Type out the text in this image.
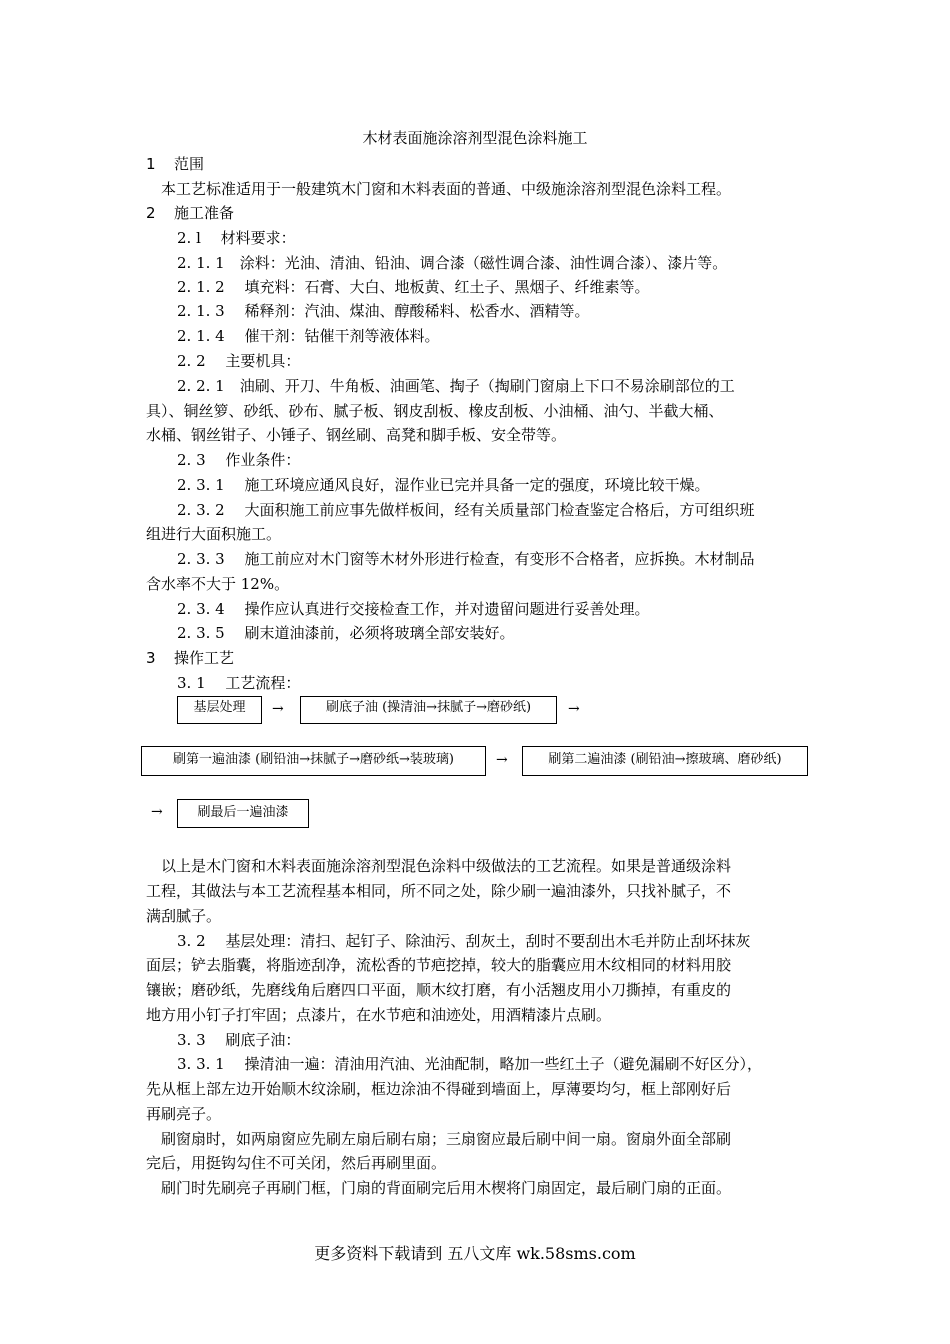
木材表面施涂溶剂型混色涂料施工
1 范围
本工艺标准适用于一般建筑木门窗和木料表面的普通、中级施涂溶剂型混色涂料工程。
2 施工准备
2. l　 材料要求：
2. 1. 1　涂料：光油、清油、铅油、调合漆（磁性调合漆、油性调合漆）、漆片等。
2. 1. 2　 填充料：石膏、大白、地板黄、红土子、黑烟子、纤维素等。
2. 1. 3　 稀释剂：汽油、煤油、醇酸稀料、松香水、酒精等。
2. 1. 4　 催干剂：钴催干剂等液体料。
2. 2　 主要机具：
2. 2. 1　油刷、开刀、牛角板、油画笔、掏子（掏刷门窗扇上下口不易涂刷部位的工
具）、铜丝箩、砂纸、砂布、腻子板、钢皮刮板、橡皮刮板、小油桶、油勺、半截大桶、
水桶、钢丝钳子、小锤子、钢丝刷、高凳和脚手板、安全带等。
2. 3　 作业条件：
2. 3. 1　 施工环境应通风良好，湿作业已完并具备一定的强度，环境比较干燥。
2. 3. 2　 大面积施工前应事先做样板间，经有关质量部门检查鉴定合格后，方可组织班
组进行大面积施工。
2. 3. 3　 施工前应对木门窗等木材外形进行检查，有变形不合格者，应拆换。木材制品
含水率不大于 12%。
2. 3. 4　 操作应认真进行交接检查工作，并对遗留问题进行妥善处理。
2. 3. 5　 刷末道油漆前，必须将玻璃全部安装好。
3 操作工艺
3. 1　 工艺流程：
基层处理	→	刷底子油 (操清油→抹腻子→磨砂纸)	→
刷第一遍油漆 (刷铅油→抹腻子→磨砂纸→装玻璃)	→	刷第二遍油漆 (刷铅油→擦玻璃、磨砂纸)
→	刷最后一遍油漆
以上是木门窗和木料表面施涂溶剂型混色涂料中级做法的工艺流程。如果是普通级涂料
工程，其做法与本工艺流程基本相同，所不同之处，除少刷一遍油漆外，只找补腻子，不
满刮腻子。
3. 2　 基层处理：清扫、起钉子、除油污、刮灰土，刮时不要刮出木毛并防止刮坏抹灰
面层；铲去脂囊，将脂迹刮净，流松香的节疤挖掉，较大的脂囊应用木纹相同的材料用胶
镶嵌；磨砂纸，先磨线角后磨四口平面，顺木纹打磨，有小活翘皮用小刀撕掉，有重皮的
地方用小钉子打牢固；点漆片，在水节疤和油迹处，用酒精漆片点刷。
3. 3　 刷底子油：
3. 3. 1　 操清油一遍：清油用汽油、光油配制，略加一些红土子（避免漏刷不好区分），
先从框上部左边开始顺木纹涂刷，框边涂油不得碰到墙面上，厚薄要均匀，框上部刚好后
再刷亮子。
刷窗扇时，如两扇窗应先刷左扇后刷右扇；三扇窗应最后刷中间一扇。窗扇外面全部刷
完后，用挺钩勾住不可关闭，然后再刷里面。
刷门时先刷亮子再刷门框，门扇的背面刷完后用木楔将门扇固定，最后刷门扇的正面。
更多资料下载请到 五八文库 wk.58sms.com
